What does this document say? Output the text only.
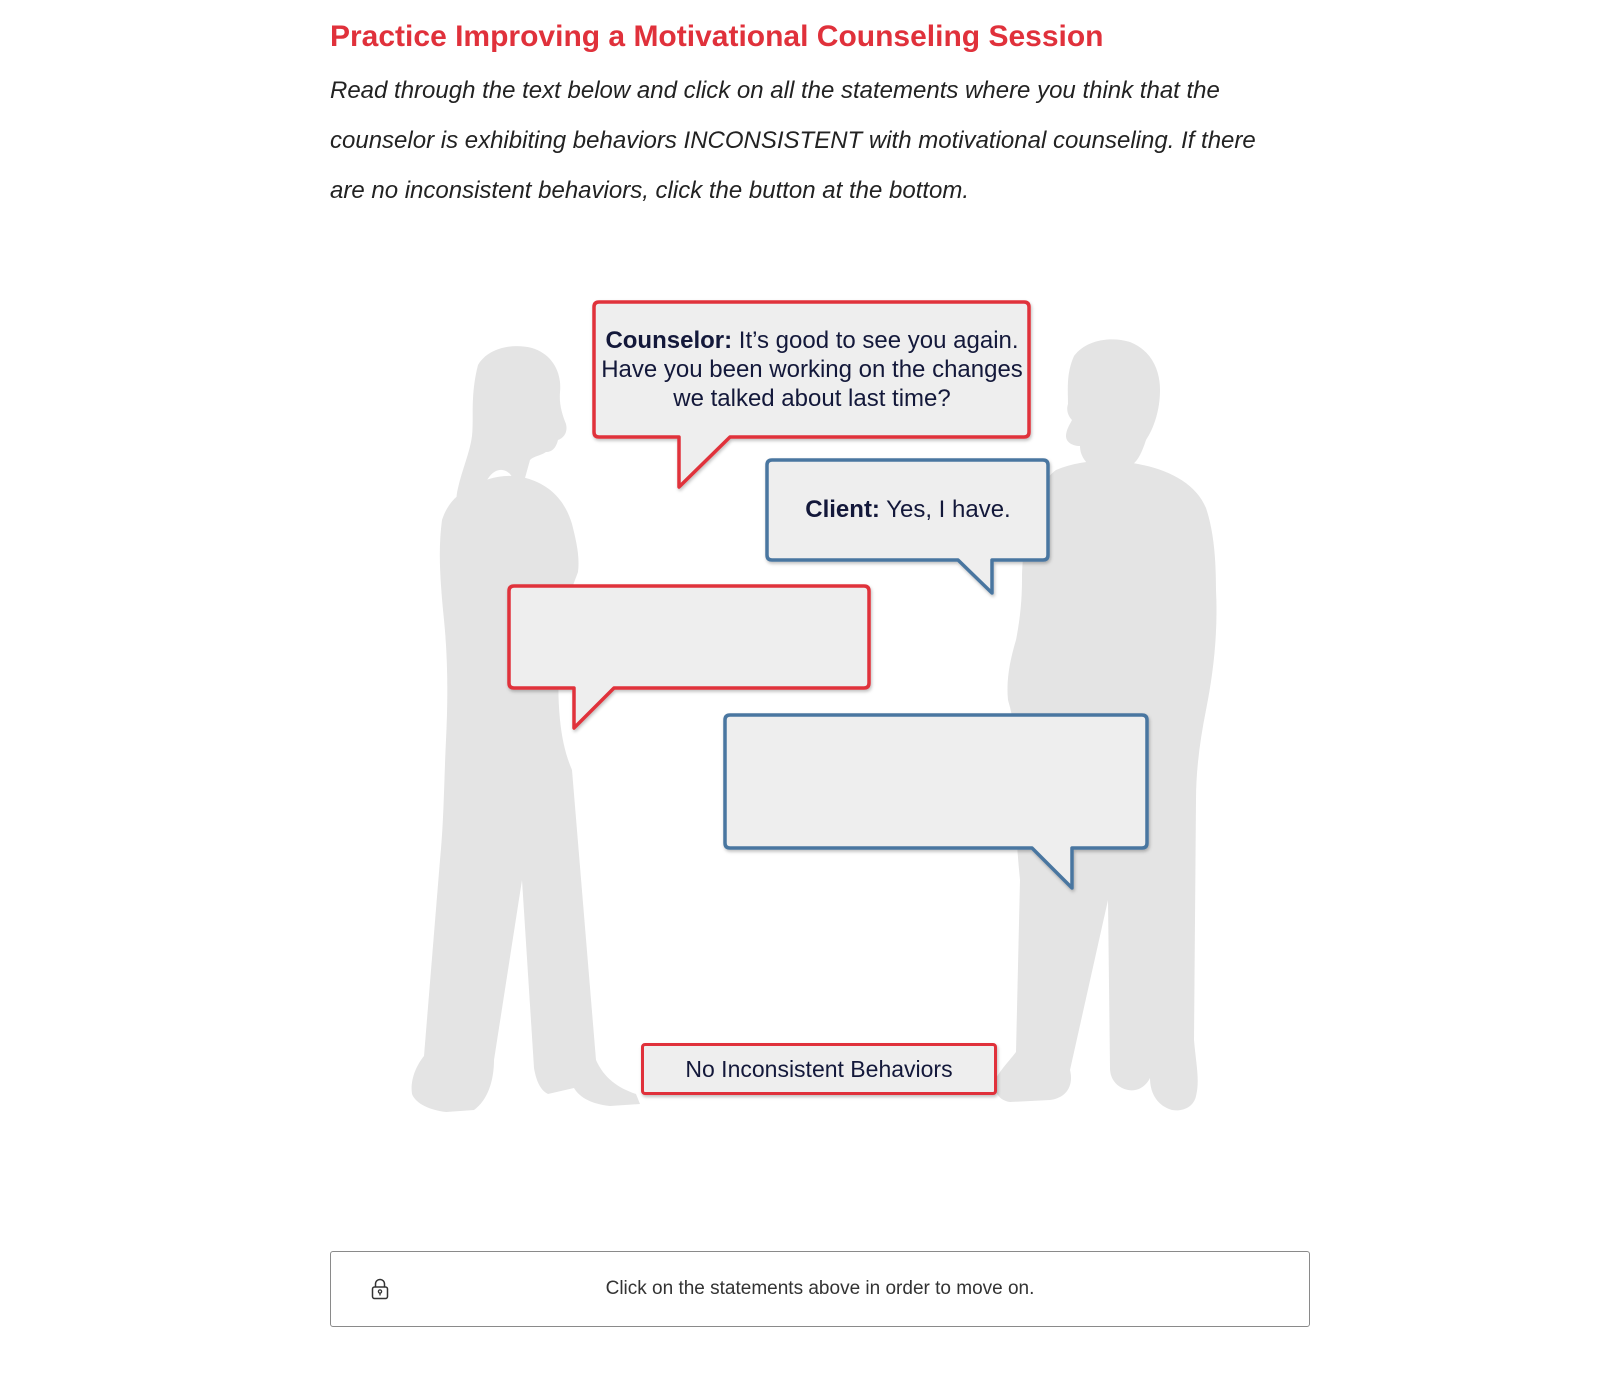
Practice Improving a Motivational Counseling Session

Read through the text below and click on all the statements where you think that the counselor is exhibiting behaviors INCONSISTENT with motivational counseling. If there are no inconsistent behaviors, click the button at the bottom.

Counselor: It’s good to see you again. Have you been working on the changes we talked about last time?
Client: Yes, I have.
No Inconsistent Behaviors
Click on the statements above in order to move on.
